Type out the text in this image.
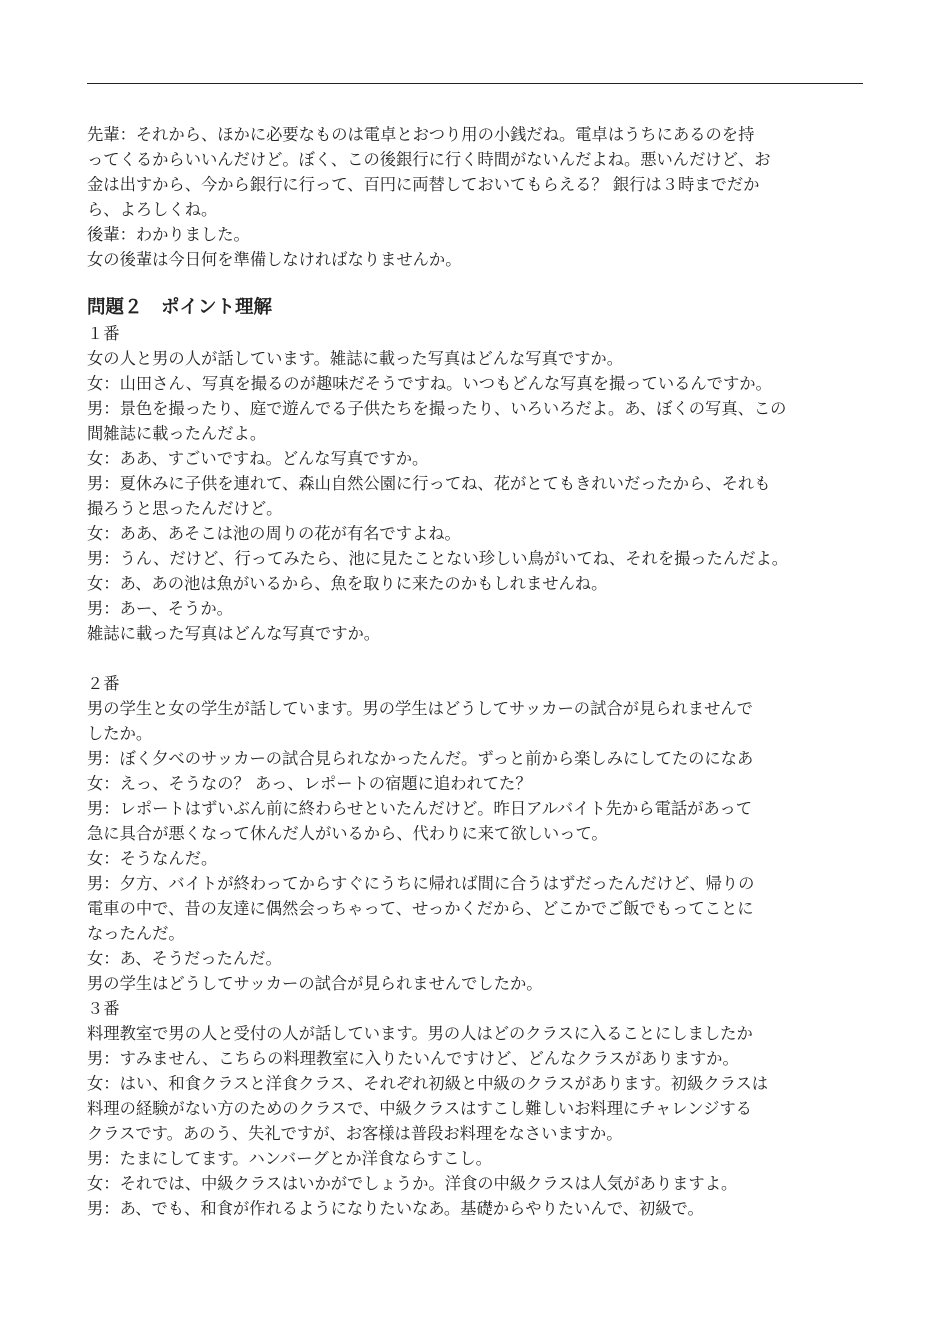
先輩：それから、ほかに必要なものは電卓とおつり用の小銭だね。電卓はうちにあるのを持
ってくるからいいんだけど。ぼく、この後銀行に行く時間がないんだよね。悪いんだけど、お
金は出すから、今から銀行に行って、百円に両替しておいてもらえる？ 銀行は３時までだか
ら、よろしくね。
後輩：わかりました。
女の後輩は今日何を準備しなければなりませんか。
問題２　ポイント理解
１番
女の人と男の人が話しています。雑誌に載った写真はどんな写真ですか。
女：山田さん、写真を撮るのが趣味だそうですね。いつもどんな写真を撮っているんですか。
男：景色を撮ったり、庭で遊んでる子供たちを撮ったり、いろいろだよ。あ、ぼくの写真、この
間雑誌に載ったんだよ。
女：ああ、すごいですね。どんな写真ですか。
男：夏休みに子供を連れて、森山自然公園に行ってね、花がとてもきれいだったから、それも
撮ろうと思ったんだけど。
女：ああ、あそこは池の周りの花が有名ですよね。
男：うん、だけど、行ってみたら、池に見たことない珍しい鳥がいてね、それを撮ったんだよ。
女：あ、あの池は魚がいるから、魚を取りに来たのかもしれませんね。
男：あー、そうか。
雑誌に載った写真はどんな写真ですか。
２番
男の学生と女の学生が話しています。男の学生はどうしてサッカーの試合が見られませんで
したか。
男：ぼく夕べのサッカーの試合見られなかったんだ。ずっと前から楽しみにしてたのになあ
女：えっ、そうなの？ あっ、レポートの宿題に追われてた？
男：レポートはずいぶん前に終わらせといたんだけど。昨日アルバイト先から電話があって
急に具合が悪くなって休んだ人がいるから、代わりに来て欲しいって。
女：そうなんだ。
男：夕方、バイトが終わってからすぐにうちに帰れば間に合うはずだったんだけど、帰りの
電車の中で、昔の友達に偶然会っちゃって、せっかくだから、どこかでご飯でもってことに
なったんだ。
女：あ、そうだったんだ。
男の学生はどうしてサッカーの試合が見られませんでしたか。
３番
料理教室で男の人と受付の人が話しています。男の人はどのクラスに入ることにしましたか
男：すみません、こちらの料理教室に入りたいんですけど、どんなクラスがありますか。
女：はい、和食クラスと洋食クラス、それぞれ初級と中級のクラスがあります。初級クラスは
料理の経験がない方のためのクラスで、中級クラスはすこし難しいお料理にチャレンジする
クラスです。あのう、失礼ですが、お客様は普段お料理をなさいますか。
男：たまにしてます。ハンバーグとか洋食ならすこし。
女：それでは、中級クラスはいかがでしょうか。洋食の中級クラスは人気がありますよ。
男：あ、でも、和食が作れるようになりたいなあ。基礎からやりたいんで、初級で。
